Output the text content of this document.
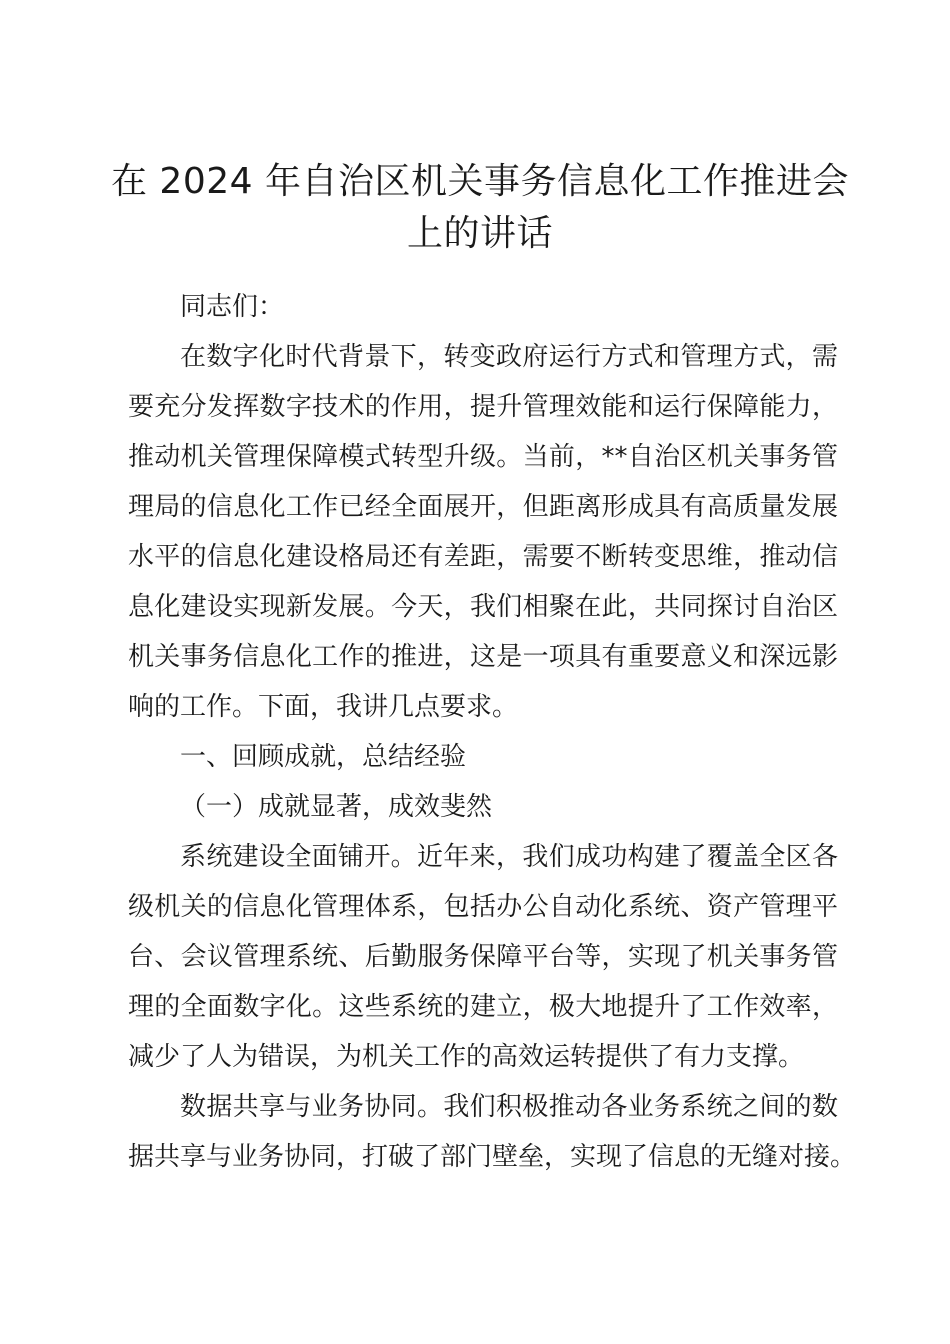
在 2024 年自治区机关事务信息化工作推进会
上的讲话
同志们：
在数字化时代背景下，转变政府运行方式和管理方式，需
要充分发挥数字技术的作用，提升管理效能和运行保障能力，
推动机关管理保障模式转型升级。当前，**自治区机关事务管
理局的信息化工作已经全面展开，但距离形成具有高质量发展
水平的信息化建设格局还有差距，需要不断转变思维，推动信
息化建设实现新发展。今天，我们相聚在此，共同探讨自治区
机关事务信息化工作的推进，这是一项具有重要意义和深远影
响的工作。下面，我讲几点要求。
一、回顾成就，总结经验
（一）成就显著，成效斐然
系统建设全面铺开。近年来，我们成功构建了覆盖全区各
级机关的信息化管理体系，包括办公自动化系统、资产管理平
台、会议管理系统、后勤服务保障平台等，实现了机关事务管
理的全面数字化。这些系统的建立，极大地提升了工作效率，
减少了人为错误，为机关工作的高效运转提供了有力支撑。
数据共享与业务协同。我们积极推动各业务系统之间的数
据共享与业务协同，打破了部门壁垒，实现了信息的无缝对接。
